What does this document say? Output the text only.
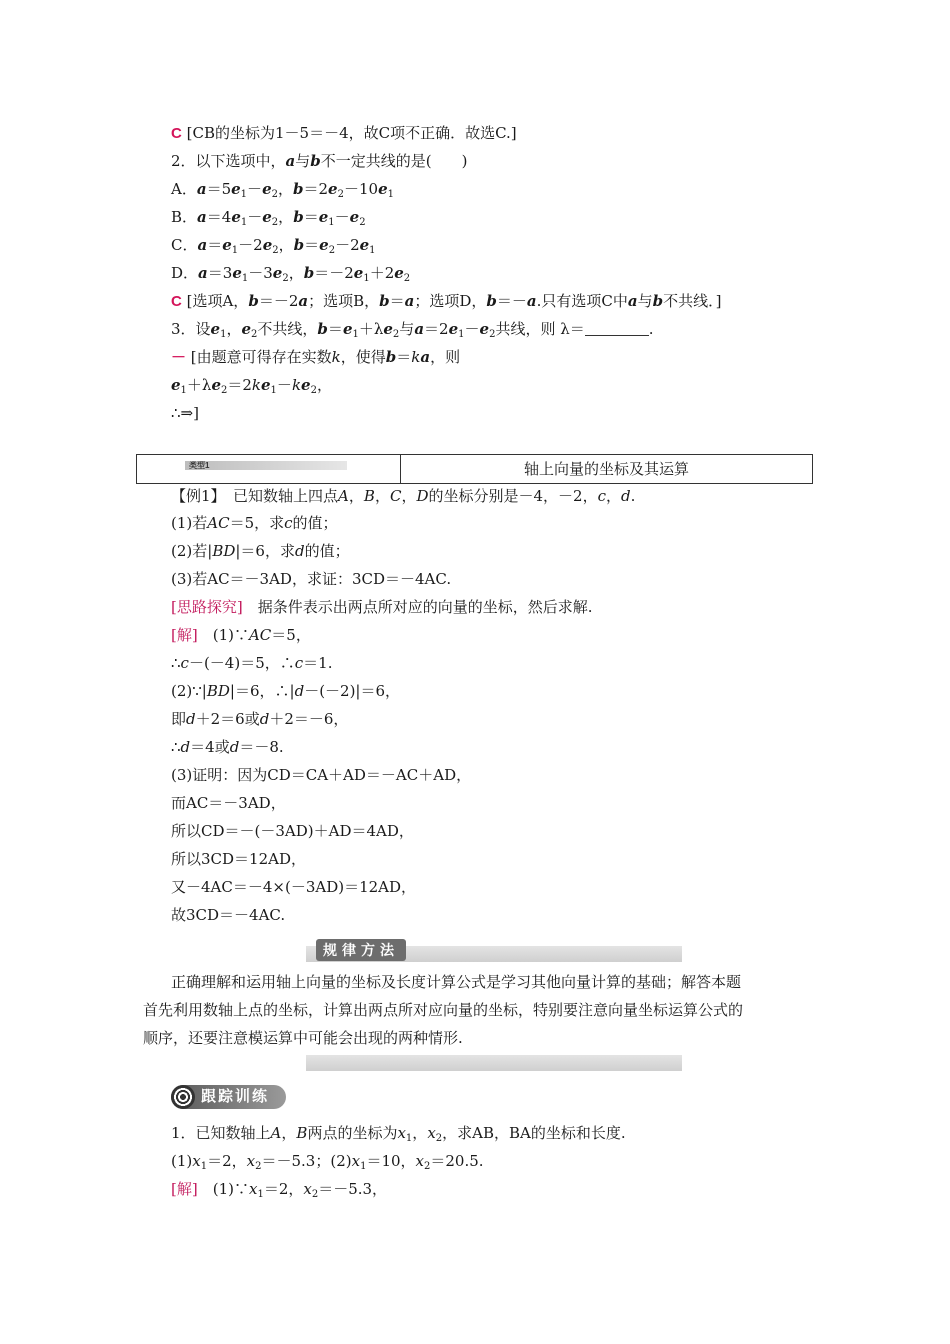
C [CB的坐标为1－5＝－4，故C项不正确．故选C.]
2．以下选项中，a与b不一定共线的是(　　)
A．$a=5e_1-e_2$，$b=2e_2-10e_1$
B．$a=4e_1-e_2$，$b=e_1-e_2$
C．$a=e_1-2e_2$，$b=e_2-2e_1$
D．$a=3e_1-3e_2$，$b=-2e_1+2e_2$
C [选项A，b＝－2a；选项B，b＝a；选项D，b＝－a.只有选项C中a与b不共线．]
3．设$e_1$，$e_2$不共线，$b=e_1+\lambda e_2$与$a=2e_1-e_2$共线，则 λ＝	.
－ [由题意可得存在实数k，使得b＝ka，则
$e_1+\lambda e_2=2ke_1-ke_2$，
∴⇒]
类型1	轴上向量的坐标及其运算
【例1】　已知数轴上四点A，B，C，D的坐标分别是－4，－2，c，d.
(1)若AC＝5，求c的值；
(2)若|BD|＝6，求d的值；
(3)若AC＝－3AD，求证：3CD＝－4AC.
[思路探究]　据条件表示出两点所对应的向量的坐标，然后求解.
[解]　(1)∵AC＝5，
∴c－(－4)＝5，∴c＝1.
(2)∵|BD|＝6，∴|d－(－2)|＝6，
即d＋2＝6或d＋2＝－6，
∴d＝4或d＝－8.
(3)证明：因为CD＝CA＋AD＝－AC＋AD，
而AC＝－3AD，
所以CD＝－(－3AD)＋AD＝4AD，
所以3CD＝12AD，
又－4AC＝－4×(－3AD)＝12AD，
故3CD＝－4AC.
规律方法
正确理解和运用轴上向量的坐标及长度计算公式是学习其他向量计算的基础；解答本题
首先利用数轴上点的坐标，计算出两点所对应向量的坐标，特别要注意向量坐标运算公式的
顺序，还要注意模运算中可能会出现的两种情形.
跟踪训练
1．已知数轴上A，B两点的坐标为$x_1$，$x_2$，求AB，BA的坐标和长度.
$(1)x_1=2$，$x_2=-5.3$；$(2)x_1=10$，$x_2=20.5$.
[解]　$(1)\because x_1=2$，$x_2=-5.3$，
